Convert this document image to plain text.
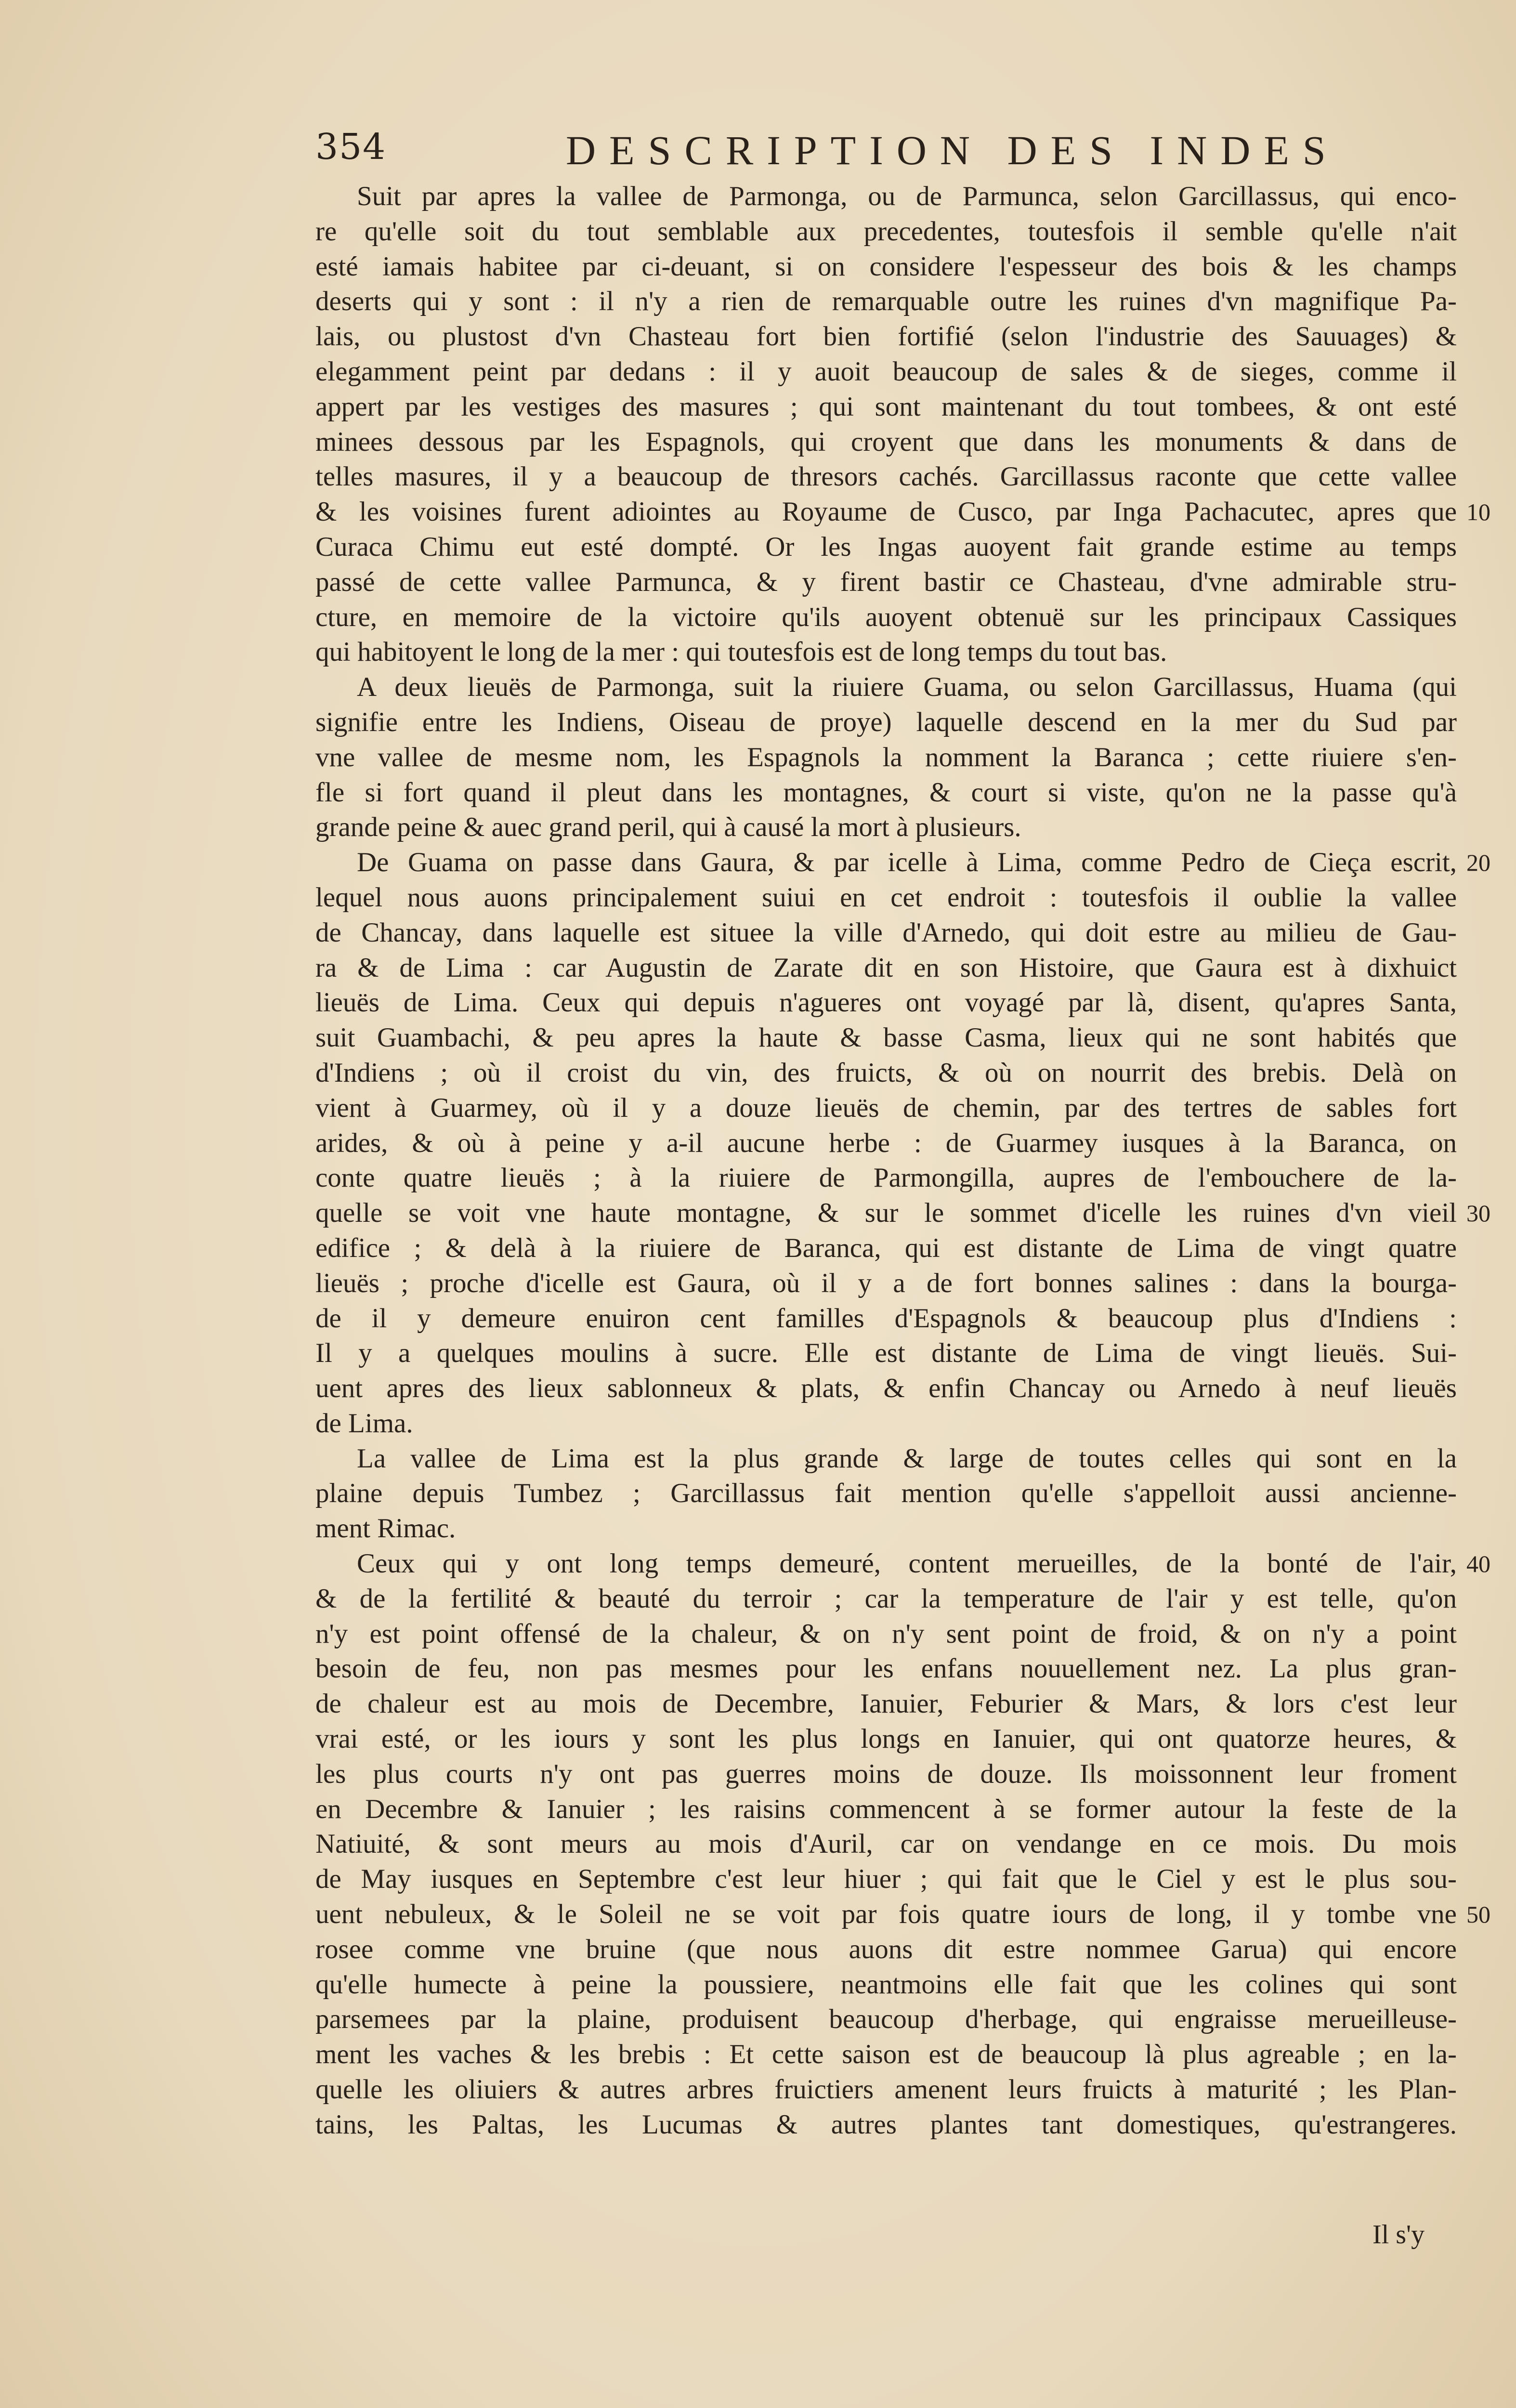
354	DESCRIPTION DES INDES
Suit par apres la vallee de Parmonga, ou de Parmunca, selon Garcillassus, qui enco-
re qu'elle soit du tout semblable aux precedentes, toutesfois il semble qu'elle n'ait
esté iamais habitee par ci-deuant, si on considere l'espesseur des bois & les champs
deserts qui y sont : il n'y a rien de remarquable outre les ruines d'vn magnifique Pa-
lais, ou plustost d'vn Chasteau fort bien fortifié (selon l'industrie des Sauuages) &
elegamment peint par dedans : il y auoit beaucoup de sales & de sieges, comme il
appert par les vestiges des masures ; qui sont maintenant du tout tombees, & ont esté
minees dessous par les Espagnols, qui croyent que dans les monuments & dans de
telles masures, il y a beaucoup de thresors cachés. Garcillassus raconte que cette vallee
& les voisines furent adiointes au Royaume de Cusco, par Inga Pachacutec, apres que 10
Curaca Chimu eut esté dompté. Or les Ingas auoyent fait grande estime au temps
passé de cette vallee Parmunca, & y firent bastir ce Chasteau, d'vne admirable stru-
cture, en memoire de la victoire qu'ils auoyent obtenuë sur les principaux Cassiques
qui habitoyent le long de la mer : qui toutesfois est de long temps du tout bas.
A deux lieuës de Parmonga, suit la riuiere Guama, ou selon Garcillassus, Huama (qui
signifie entre les Indiens, Oiseau de proye) laquelle descend en la mer du Sud par
vne vallee de mesme nom, les Espagnols la nomment la Baranca ; cette riuiere s'en-
fle si fort quand il pleut dans les montagnes, & court si viste, qu'on ne la passe qu'à
grande peine & auec grand peril, qui à causé la mort à plusieurs.
De Guama on passe dans Gaura, & par icelle à Lima, comme Pedro de Cieça escrit, 20
lequel nous auons principalement suiui en cet endroit : toutesfois il oublie la vallee
de Chancay, dans laquelle est situee la ville d'Arnedo, qui doit estre au milieu de Gau-
ra & de Lima : car Augustin de Zarate dit en son Histoire, que Gaura est à dixhuict
lieuës de Lima. Ceux qui depuis n'agueres ont voyagé par là, disent, qu'apres Santa,
suit Guambachi, & peu apres la haute & basse Casma, lieux qui ne sont habités que
d'Indiens ; où il croist du vin, des fruicts, & où on nourrit des brebis. Delà on
vient à Guarmey, où il y a douze lieuës de chemin, par des tertres de sables fort
arides, & où à peine y a-il aucune herbe : de Guarmey iusques à la Baranca, on
conte quatre lieuës ; à la riuiere de Parmongilla, aupres de l'embouchere de la-
quelle se voit vne haute montagne, & sur le sommet d'icelle les ruines d'vn vieil 30
edifice ; & delà à la riuiere de Baranca, qui est distante de Lima de vingt quatre
lieuës ; proche d'icelle est Gaura, où il y a de fort bonnes salines : dans la bourga-
de il y demeure enuiron cent familles d'Espagnols & beaucoup plus d'Indiens :
Il y a quelques moulins à sucre. Elle est distante de Lima de vingt lieuës. Sui-
uent apres des lieux sablonneux & plats, & enfin Chancay ou Arnedo à neuf lieuës
de Lima.
La vallee de Lima est la plus grande & large de toutes celles qui sont en la
plaine depuis Tumbez ; Garcillassus fait mention qu'elle s'appelloit aussi ancienne-
ment Rimac.
Ceux qui y ont long temps demeuré, content merueilles, de la bonté de l'air, 40
& de la fertilité & beauté du terroir ; car la temperature de l'air y est telle, qu'on
n'y est point offensé de la chaleur, & on n'y sent point de froid, & on n'y a point
besoin de feu, non pas mesmes pour les enfans nouuellement nez. La plus gran-
de chaleur est au mois de Decembre, Ianuier, Feburier & Mars, & lors c'est leur
vrai esté, or les iours y sont les plus longs en Ianuier, qui ont quatorze heures, &
les plus courts n'y ont pas guerres moins de douze. Ils moissonnent leur froment
en Decembre & Ianuier ; les raisins commencent à se former autour la feste de la
Natiuité, & sont meurs au mois d'Auril, car on vendange en ce mois. Du mois
de May iusques en Septembre c'est leur hiuer ; qui fait que le Ciel y est le plus sou-
uent nebuleux, & le Soleil ne se voit par fois quatre iours de long, il y tombe vne 50
rosee comme vne bruine (que nous auons dit estre nommee Garua) qui encore
qu'elle humecte à peine la poussiere, neantmoins elle fait que les colines qui sont
parsemees par la plaine, produisent beaucoup d'herbage, qui engraisse merueilleuse-
ment les vaches & les brebis : Et cette saison est de beaucoup là plus agreable ; en la-
quelle les oliuiers & autres arbres fruictiers amenent leurs fruicts à maturité ; les Plan-
tains, les Paltas, les Lucumas & autres plantes tant domestiques, qu'estrangeres.
Il s'y
